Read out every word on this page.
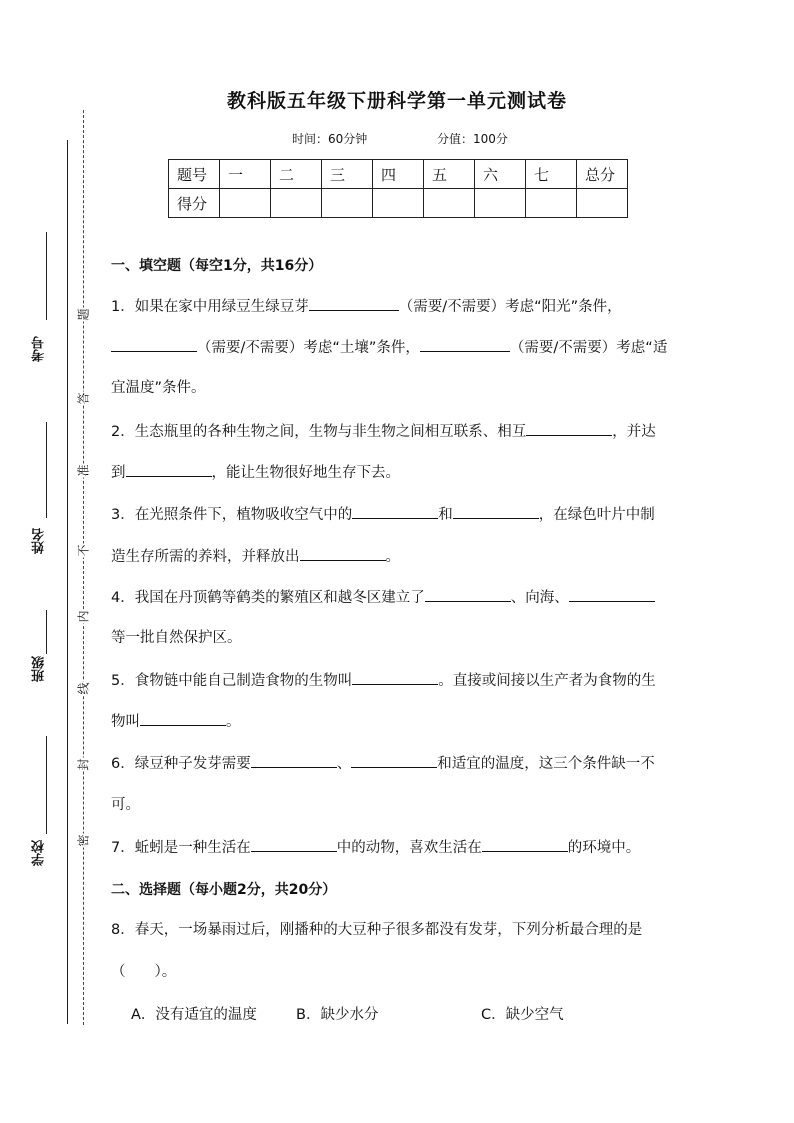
考号
姓名
班级
学校
题
答
准
不
内
线
封
密
教科版五年级下册科学第一单元测试卷
时间：60分钟	分值：100分
题号	一	二	三	四	五	六	七	总分
得分								
一、填空题（每空1分，共16分）
1．如果在家中用绿豆生绿豆芽	（需要/不需要）考虑“阳光”条件，
（需要/不需要）考虑“土壤”条件，	（需要/不需要）考虑“适
宜温度”条件。
2．生态瓶里的各种生物之间，生物与非生物之间相互联系、相互	，并达
到	，能让生物很好地生存下去。
3．在光照条件下，植物吸收空气中的	和	，在绿色叶片中制
造生存所需的养料，并释放出	。
4．我国在丹顶鹤等鹤类的繁殖区和越冬区建立了	、向海、
等一批自然保护区。
5．食物链中能自己制造食物的生物叫	。直接或间接以生产者为食物的生
物叫	。
6．绿豆种子发芽需要	、	和适宜的温度，这三个条件缺一不
可。
7．蚯蚓是一种生活在	中的动物，喜欢生活在	的环境中。
二、选择题（每小题2分，共20分）
8．春天，一场暴雨过后，刚播种的大豆种子很多都没有发芽，下列分析最合理的是
（　　）。
A．没有适宜的温度	B．缺少水分	C．缺少空气
